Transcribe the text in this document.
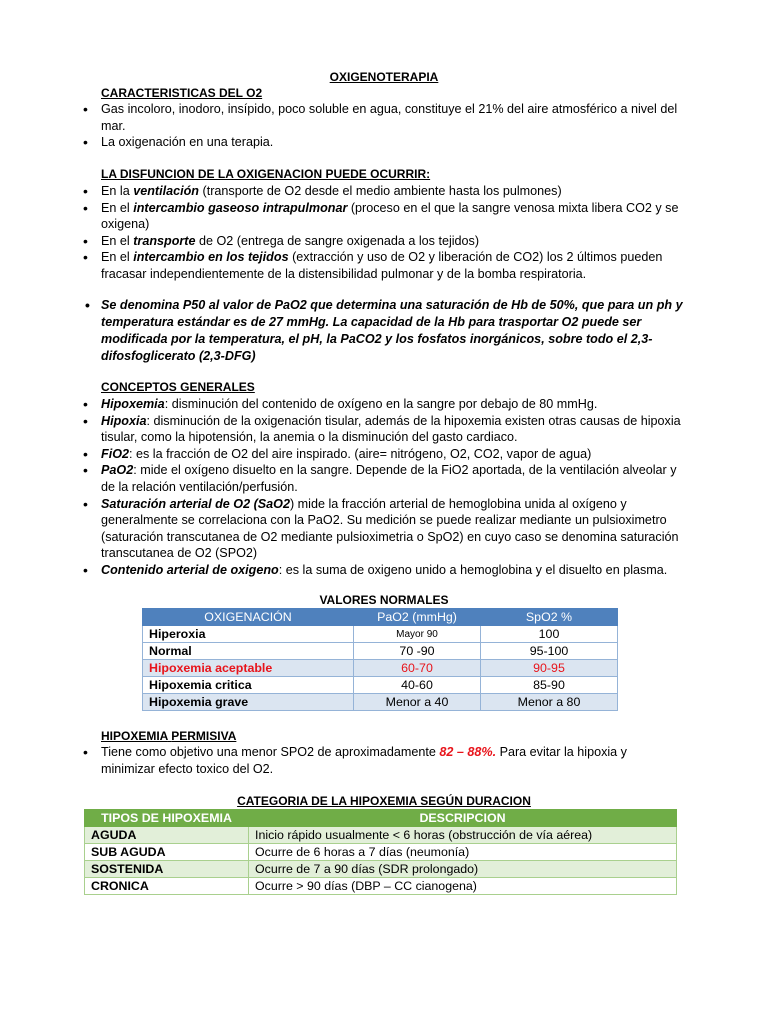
OXIGENOTERAPIA
CARACTERISTICAS DEL O2
• Gas incoloro, inodoro, insípido, poco soluble en agua, constituye el 21% del aire atmosférico a nivel del mar.
• La oxigenación en una terapia.
LA DISFUNCION DE LA OXIGENACION PUEDE OCURRIR:
• En la ventilación (transporte de O2 desde el medio ambiente hasta los pulmones)
• En el intercambio gaseoso intrapulmonar (proceso en el que la sangre venosa mixta libera CO2 y se oxigena)
• En el transporte de O2 (entrega de sangre oxigenada a los tejidos)
• En el intercambio en los tejidos (extracción y uso de O2 y liberación de CO2) los 2 últimos pueden fracasar independientemente de la distensibilidad pulmonar y de la bomba respiratoria.
• Se denomina P50 al valor de PaO2 que determina una saturación de Hb de 50%, que para un ph y temperatura estándar es de 27 mmHg. La capacidad de la Hb para trasportar O2 puede ser modificada por la temperatura, el pH, la PaCO2 y los fosfatos inorgánicos, sobre todo el 2,3-difosfoglicerato (2,3-DFG)
CONCEPTOS GENERALES
• Hipoxemia: disminución del contenido de oxígeno en la sangre por debajo de 80 mmHg.
• Hipoxia: disminución de la oxigenación tisular, además de la hipoxemia existen otras causas de hipoxia tisular, como la hipotensión, la anemia o la disminución del gasto cardiaco.
• FiO2: es la fracción de O2 del aire inspirado. (aire= nitrógeno, O2, CO2, vapor de agua)
• PaO2: mide el oxígeno disuelto en la sangre. Depende de la FiO2 aportada, de la ventilación alveolar y de la relación ventilación/perfusión.
• Saturación arterial de O2 (SaO2) mide la fracción arterial de hemoglobina unida al oxígeno y generalmente se correlaciona con la PaO2. Su medición se puede realizar mediante un pulsioximetro (saturación transcutanea de O2 mediante pulsioximetria o SpO2) en cuyo caso se denomina saturación transcutanea de O2 (SPO2)
• Contenido arterial de oxigeno: es la suma de oxigeno unido a hemoglobina y el disuelto en plasma.
VALORES NORMALES
OXIGENACIÓN	PaO2 (mmHg)	SpO2 %
Hiperoxia	Mayor 90	100
Normal	70 -90	95-100
Hipoxemia aceptable	60-70	90-95
Hipoxemia critica	40-60	85-90
Hipoxemia grave	Menor a 40	Menor a 80
HIPOXEMIA PERMISIVA
• Tiene como objetivo una menor SPO2 de aproximadamente 82 – 88%. Para evitar la hipoxia y minimizar efecto toxico del O2.
CATEGORIA DE LA HIPOXEMIA SEGÚN DURACION
TIPOS DE HIPOXEMIA	DESCRIPCION
AGUDA	Inicio rápido usualmente < 6 horas (obstrucción de vía aérea)
SUB AGUDA	Ocurre de 6 horas a 7 días (neumonía)
SOSTENIDA	Ocurre de 7 a 90 días (SDR prolongado)
CRONICA	Ocurre > 90 días (DBP – CC cianogena)
